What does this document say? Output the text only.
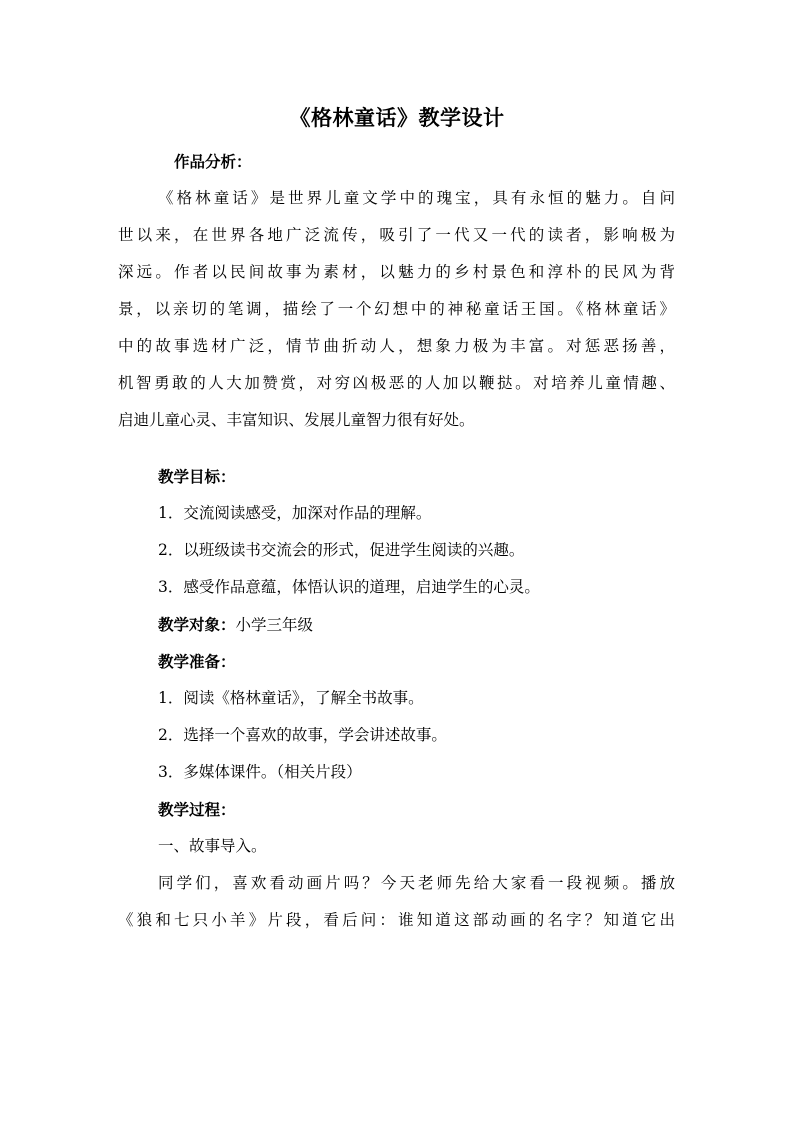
《格林童话》教学设计
作品分析：
《格林童话》是世界儿童文学中的瑰宝，具有永恒的魅力。自问
世以来，在世界各地广泛流传，吸引了一代又一代的读者，影响极为
深远。作者以民间故事为素材，以魅力的乡村景色和淳朴的民风为背
景，以亲切的笔调，描绘了一个幻想中的神秘童话王国。《格林童话》
中的故事选材广泛，情节曲折动人，想象力极为丰富。对惩恶扬善，
机智勇敢的人大加赞赏，对穷凶极恶的人加以鞭挞。对培养儿童情趣、
启迪儿童心灵、丰富知识、发展儿童智力很有好处。
教学目标：
1．交流阅读感受，加深对作品的理解。
2．以班级读书交流会的形式，促进学生阅读的兴趣。
3．感受作品意蕴，体悟认识的道理，启迪学生的心灵。
教学对象：小学三年级
教学准备：
1．阅读《格林童话》，了解全书故事。
2．选择一个喜欢的故事，学会讲述故事。
3．多媒体课件。（相关片段）
教学过程：
一、故事导入。
同学们，喜欢看动画片吗？今天老师先给大家看一段视频。播放
《狼和七只小羊》片段，看后问：谁知道这部动画的名字？知道它出
